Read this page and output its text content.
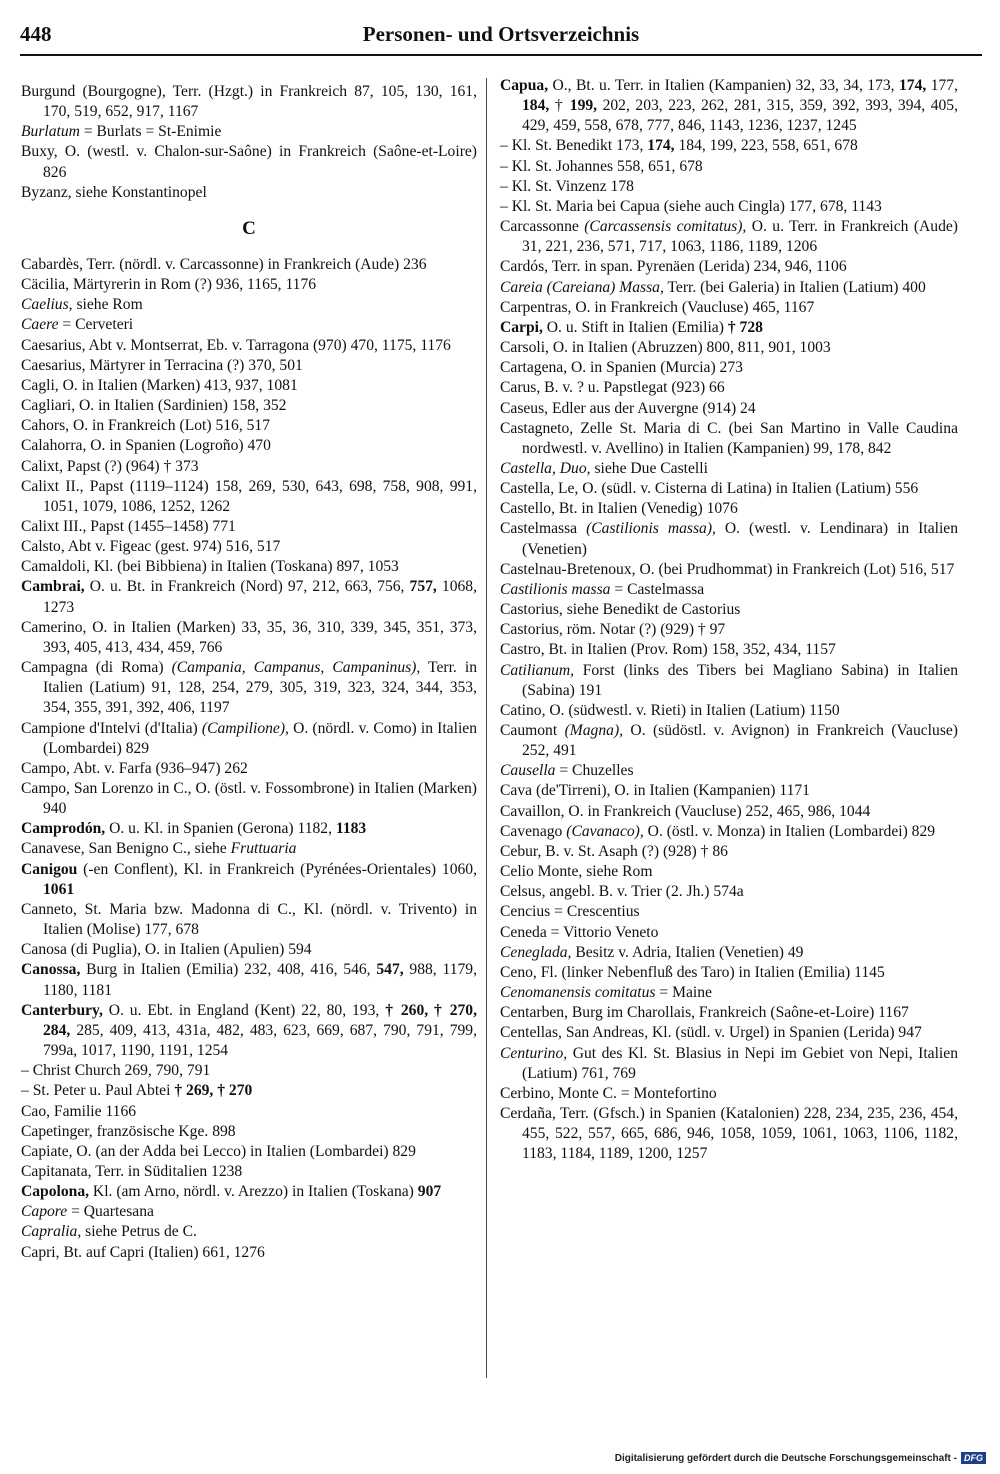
448	Personen- und Ortsverzeichnis
Burgund (Bourgogne), Terr. (Hzgt.) in Frankreich 87, 105, 130, 161, 170, 519, 652, 917, 1167
Burlatum = Burlats = St-Enimie
Buxy, O. (westl. v. Chalon-sur-Saône) in Frankreich (Saône-et-Loire) 826
Byzanz, siehe Konstantinopel
C
Cabardès, Terr. (nördl. v. Carcassonne) in Frankreich (Aude) 236
Cäcilia, Märtyrerin in Rom (?) 936, 1165, 1176
Caelius, siehe Rom
Caere = Cerveteri
Caesarius, Abt v. Montserrat, Eb. v. Tarragona (970) 470, 1175, 1176
Caesarius, Märtyrer in Terracina (?) 370, 501
Cagli, O. in Italien (Marken) 413, 937, 1081
Cagliari, O. in Italien (Sardinien) 158, 352
Cahors, O. in Frankreich (Lot) 516, 517
Calahorra, O. in Spanien (Logroño) 470
Calixt, Papst (?) (964) † 373
Calixt II., Papst (1119–1124) 158, 269, 530, 643, 698, 758, 908, 991, 1051, 1079, 1086, 1252, 1262
Calixt III., Papst (1455–1458) 771
Calsto, Abt v. Figeac (gest. 974) 516, 517
Camaldoli, Kl. (bei Bibbiena) in Italien (Toskana) 897, 1053
Cambrai, O. u. Bt. in Frankreich (Nord) 97, 212, 663, 756, 757, 1068, 1273
Camerino, O. in Italien (Marken) 33, 35, 36, 310, 339, 345, 351, 373, 393, 405, 413, 434, 459, 766
Campagna (di Roma) (Campania, Campanus, Campaninus), Terr. in Italien (Latium) 91, 128, 254, 279, 305, 319, 323, 324, 344, 353, 354, 355, 391, 392, 406, 1197
Campione d'Intelvi (d'Italia) (Campilione), O. (nördl. v. Como) in Italien (Lombardei) 829
Campo, Abt. v. Farfa (936–947) 262
Campo, San Lorenzo in C., O. (östl. v. Fossombrone) in Italien (Marken) 940
Camprodón, O. u. Kl. in Spanien (Gerona) 1182, 1183
Canavese, San Benigno C., siehe Fruttuaria
Canigou (-en Conflent), Kl. in Frankreich (Pyrénées-Orientales) 1060, 1061
Canneto, St. Maria bzw. Madonna di C., Kl. (nördl. v. Trivento) in Italien (Molise) 177, 678
Canosa (di Puglia), O. in Italien (Apulien) 594
Canossa, Burg in Italien (Emilia) 232, 408, 416, 546, 547, 988, 1179, 1180, 1181
Canterbury, O. u. Ebt. in England (Kent) 22, 80, 193, † 260, † 270, 284, 285, 409, 413, 431a, 482, 483, 623, 669, 687, 790, 791, 799, 799a, 1017, 1190, 1191, 1254
– Christ Church 269, 790, 791
– St. Peter u. Paul Abtei † 269, † 270
Cao, Familie 1166
Capetinger, französische Kge. 898
Capiate, O. (an der Adda bei Lecco) in Italien (Lombardei) 829
Capitanata, Terr. in Süditalien 1238
Capolona, Kl. (am Arno, nördl. v. Arezzo) in Italien (Toskana) 907
Capore = Quartesana
Capralia, siehe Petrus de C.
Capri, Bt. auf Capri (Italien) 661, 1276
Capua, O., Bt. u. Terr. in Italien (Kampanien) 32, 33, 34, 173, 174, 177, 184, † 199, 202, 203, 223, 262, 281, 315, 359, 392, 393, 394, 405, 429, 459, 558, 678, 777, 846, 1143, 1236, 1237, 1245
– Kl. St. Benedikt 173, 174, 184, 199, 223, 558, 651, 678
– Kl. St. Johannes 558, 651, 678
– Kl. St. Vinzenz 178
– Kl. St. Maria bei Capua (siehe auch Cingla) 177, 678, 1143
Carcassonne (Carcassensis comitatus), O. u. Terr. in Frankreich (Aude) 31, 221, 236, 571, 717, 1063, 1186, 1189, 1206
Cardós, Terr. in span. Pyrenäen (Lerida) 234, 946, 1106
Careia (Careiana) Massa, Terr. (bei Galeria) in Italien (Latium) 400
Carpentras, O. in Frankreich (Vaucluse) 465, 1167
Carpi, O. u. Stift in Italien (Emilia) † 728
Carsoli, O. in Italien (Abruzzen) 800, 811, 901, 1003
Cartagena, O. in Spanien (Murcia) 273
Carus, B. v. ? u. Papstlegat (923) 66
Caseus, Edler aus der Auvergne (914) 24
Castagneto, Zelle St. Maria di C. (bei San Martino in Valle Caudina nordwestl. v. Avellino) in Italien (Kampanien) 99, 178, 842
Castella, Duo, siehe Due Castelli
Castella, Le, O. (südl. v. Cisterna di Latina) in Italien (Latium) 556
Castello, Bt. in Italien (Venedig) 1076
Castelmassa (Castilionis massa), O. (westl. v. Lendinara) in Italien (Venetien)
Castelnau-Bretenoux, O. (bei Prudhommat) in Frankreich (Lot) 516, 517
Castilionis massa = Castelmassa
Castorius, siehe Benedikt de Castorius
Castorius, röm. Notar (?) (929) † 97
Castro, Bt. in Italien (Prov. Rom) 158, 352, 434, 1157
Catilianum, Forst (links des Tibers bei Magliano Sabina) in Italien (Sabina) 191
Catino, O. (südwestl. v. Rieti) in Italien (Latium) 1150
Caumont (Magna), O. (südöstl. v. Avignon) in Frankreich (Vaucluse) 252, 491
Causella = Chuzelles
Cava (de'Tirreni), O. in Italien (Kampanien) 1171
Cavaillon, O. in Frankreich (Vaucluse) 252, 465, 986, 1044
Cavenago (Cavanaco), O. (östl. v. Monza) in Italien (Lombardei) 829
Cebur, B. v. St. Asaph (?) (928) † 86
Celio Monte, siehe Rom
Celsus, angebl. B. v. Trier (2. Jh.) 574a
Cencius = Crescentius
Ceneda = Vittorio Veneto
Ceneglada, Besitz v. Adria, Italien (Venetien) 49
Ceno, Fl. (linker Nebenfluß des Taro) in Italien (Emilia) 1145
Cenomanensis comitatus = Maine
Centarben, Burg im Charollais, Frankreich (Saône-et-Loire) 1167
Centellas, San Andreas, Kl. (südl. v. Urgel) in Spanien (Lerida) 947
Centurino, Gut des Kl. St. Blasius in Nepi im Gebiet von Nepi, Italien (Latium) 761, 769
Cerbino, Monte C. = Montefortino
Cerdaña, Terr. (Gfsch.) in Spanien (Katalonien) 228, 234, 235, 236, 454, 455, 522, 557, 665, 686, 946, 1058, 1059, 1061, 1063, 1106, 1182, 1183, 1184, 1189, 1200, 1257
Digitalisierung gefördert durch die Deutsche Forschungsgemeinschaft - DFG
